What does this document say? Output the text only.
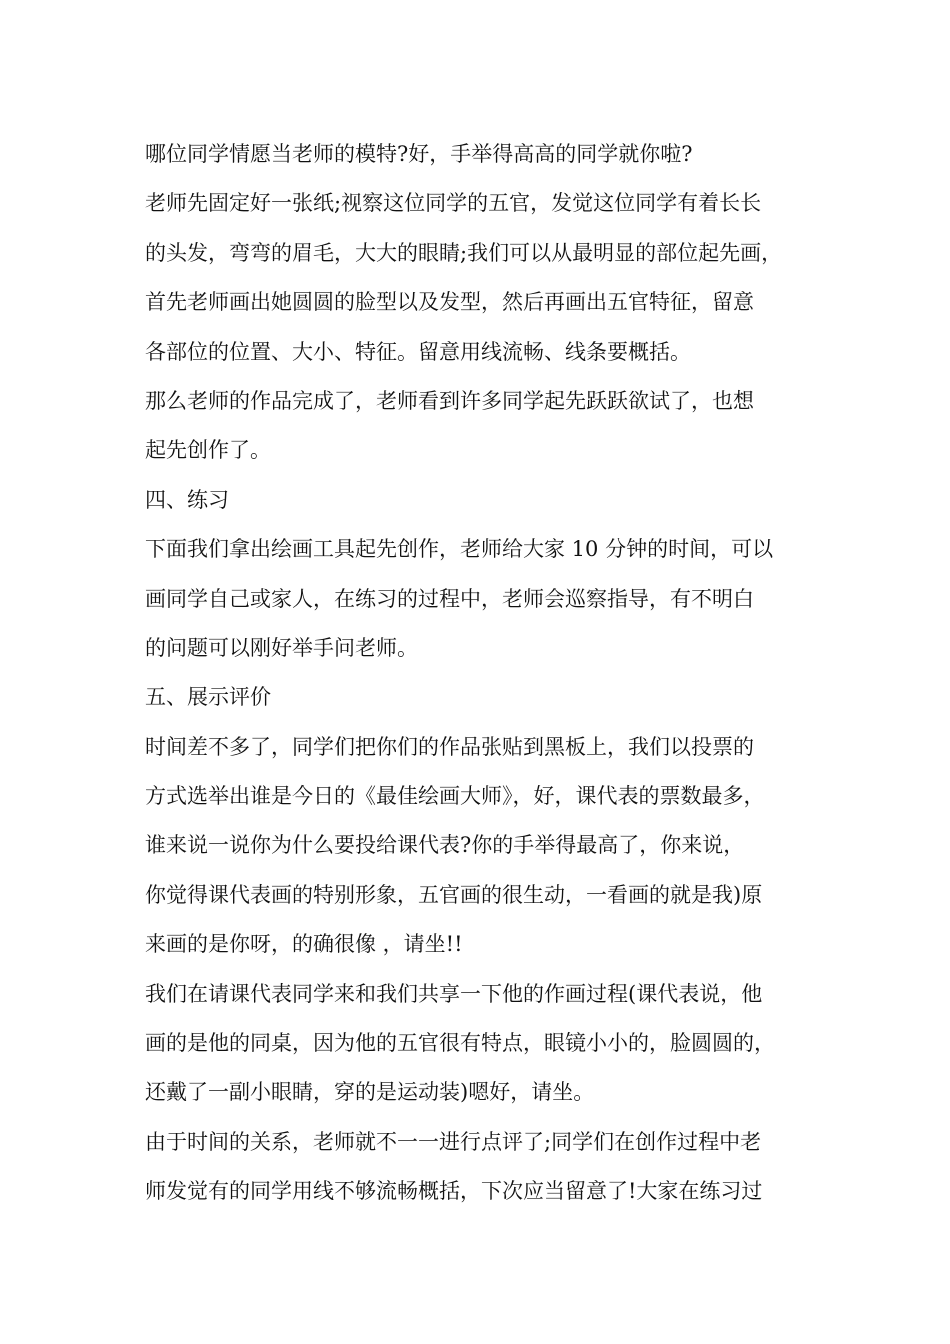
哪位同学情愿当老师的模特?好，手举得高高的同学就你啦?
老师先固定好一张纸;视察这位同学的五官，发觉这位同学有着长长
的头发，弯弯的眉毛，大大的眼睛;我们可以从最明显的部位起先画，
首先老师画出她圆圆的脸型以及发型，然后再画出五官特征，留意
各部位的位置、大小、特征。留意用线流畅、线条要概括。
那么老师的作品完成了，老师看到许多同学起先跃跃欲试了，也想
起先创作了。
四、练习
下面我们拿出绘画工具起先创作，老师给大家 10 分钟的时间，可以
画同学自己或家人，在练习的过程中，老师会巡察指导，有不明白
的问题可以刚好举手问老师。
五、展示评价
时间差不多了，同学们把你们的作品张贴到黑板上，我们以投票的
方式选举出谁是今日的《最佳绘画大师》，好，课代表的票数最多，
谁来说一说你为什么要投给课代表?你的手举得最高了，你来说，
你觉得课代表画的特别形象，五官画的很生动，一看画的就是我)原
来画的是你呀，的确很像 ，请坐!!
我们在请课代表同学来和我们共享一下他的作画过程(课代表说，他
画的是他的同桌，因为他的五官很有特点，眼镜小小的，脸圆圆的，
还戴了一副小眼睛，穿的是运动装)嗯好，请坐。
由于时间的关系，老师就不一一进行点评了;同学们在创作过程中老
师发觉有的同学用线不够流畅概括，下次应当留意了!大家在练习过
